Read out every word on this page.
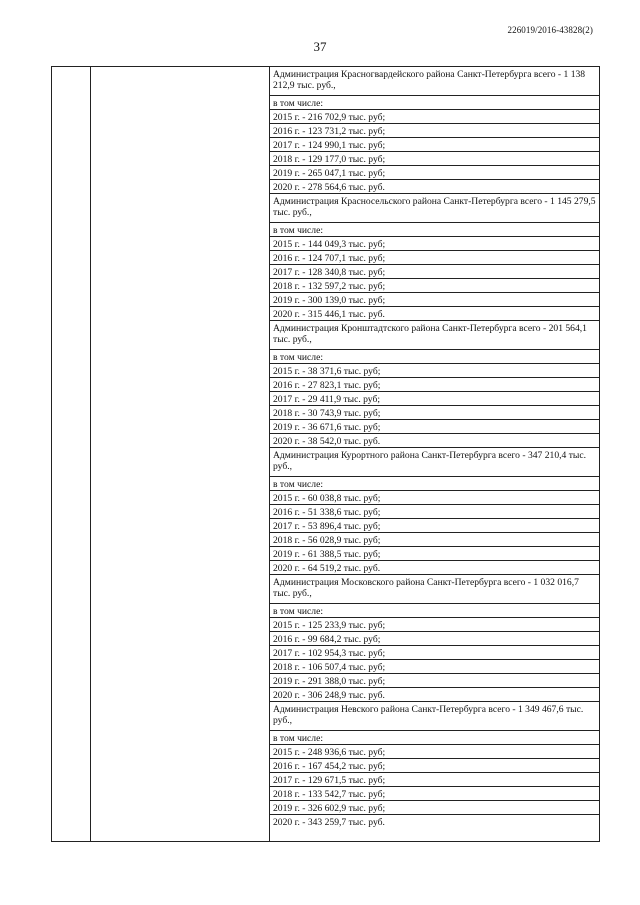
226019/2016-43828(2)
37
Администрация Красногвардейского района Санкт-Петербурга всего - 1 138 212,9 тыс. руб.,
в том числе:
2015 г. - 216 702,9 тыс. руб;
2016 г. - 123 731,2 тыс. руб;
2017 г. - 124 990,1 тыс. руб;
2018 г. - 129 177,0 тыс. руб;
2019 г. - 265 047,1 тыс. руб;
2020 г. - 278 564,6 тыс. руб.
Администрация Красносельского района Санкт-Петербурга всего - 1 145 279,5 тыс. руб.,
в том числе:
2015 г. - 144 049,3 тыс. руб;
2016 г. - 124 707,1 тыс. руб;
2017 г. - 128 340,8 тыс. руб;
2018 г. - 132 597,2 тыс. руб;
2019 г. - 300 139,0 тыс. руб;
2020 г. - 315 446,1 тыс. руб.
Администрация Кронштадтского района Санкт-Петербурга всего - 201 564,1 тыс. руб.,
в том числе:
2015 г. - 38 371,6 тыс. руб;
2016 г. - 27 823,1 тыс. руб;
2017 г. - 29 411,9 тыс. руб;
2018 г. - 30 743,9 тыс. руб;
2019 г. - 36 671,6 тыс. руб;
2020 г. - 38 542,0 тыс. руб.
Администрация Курортного района Санкт-Петербурга всего - 347 210,4 тыс. руб.,
в том числе:
2015 г. - 60 038,8 тыс. руб;
2016 г. - 51 338,6 тыс. руб;
2017 г. - 53 896,4 тыс. руб;
2018 г. - 56 028,9 тыс. руб;
2019 г. - 61 388,5 тыс. руб;
2020 г. - 64 519,2 тыс. руб.
Администрация Московского района Санкт-Петербурга всего - 1 032 016,7 тыс. руб.,
в том числе:
2015 г. - 125 233,9 тыс. руб;
2016 г. - 99 684,2 тыс. руб;
2017 г. - 102 954,3 тыс. руб;
2018 г. - 106 507,4 тыс. руб;
2019 г. - 291 388,0 тыс. руб;
2020 г. - 306 248,9 тыс. руб.
Администрация Невского района Санкт-Петербурга всего - 1 349 467,6 тыс. руб.,
в том числе:
2015 г. - 248 936,6 тыс. руб;
2016 г. - 167 454,2 тыс. руб;
2017 г. - 129 671,5 тыс. руб;
2018 г. - 133 542,7 тыс. руб;
2019 г. - 326 602,9 тыс. руб;
2020 г. - 343 259,7 тыс. руб.
